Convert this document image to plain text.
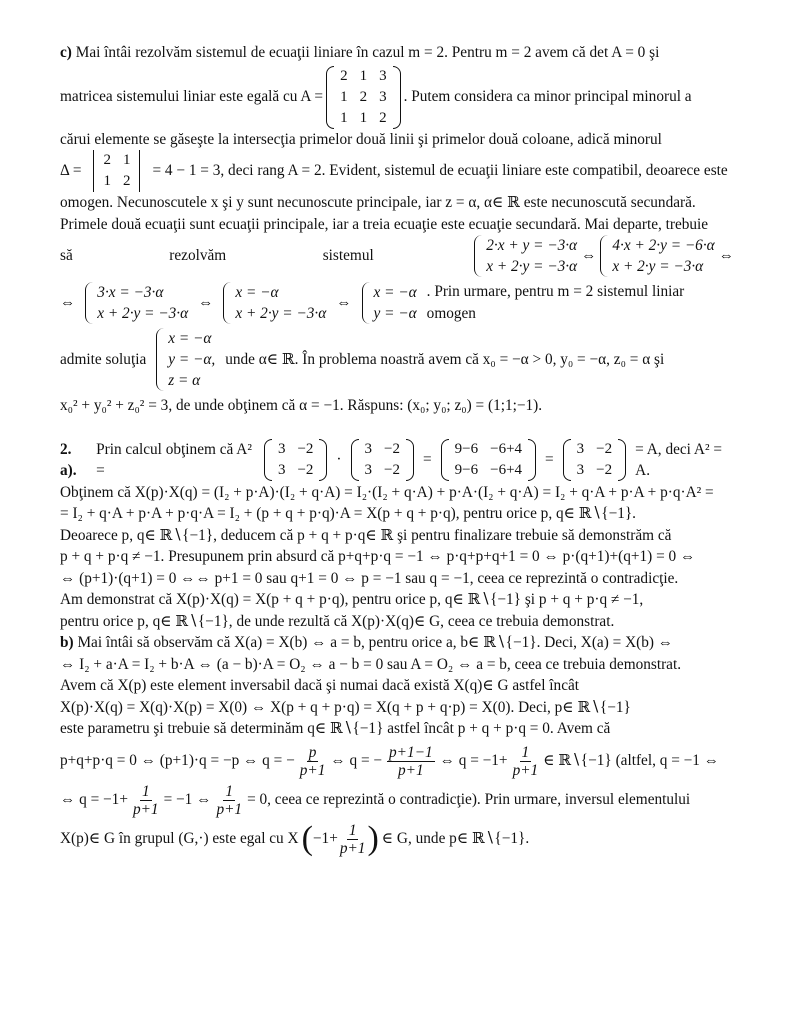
c) Mai întâi rezolvăm sistemul de ecuaţii liniare în cazul m = 2. Pentru m = 2 avem că det A = 0 şi

matricea sistemului liniar este egală cu A =
2	1	3
1	2	3
1	1	2
. Putem considera ca minor principal minorul a

cărui elemente se găseşte la intersecţia primelor două linii şi primelor două coloane, adică minorul

Δ =
2	1
1	2
= 4 − 1 = 3, deci rang A = 2. Evident, sistemul de ecuaţii liniare este compatibil, deoarece este

omogen. Necunoscutele x şi y sunt necunoscute principale, iar z = α, α∈ ℝ este necunoscută secundară.

Primele două ecuaţii sunt ecuaţii principale, iar a treia ecuaţie este ecuaţie secundară. Mai departe, trebuie

să	rezolvăm	sistemul
2·x + y = −3·α
x + 2·y = −3·α
⇔
4·x + 2·y = −6·α
x + 2·y = −3·α
⇔
⇔
3·x = −3·α
x + 2·y = −3·α
⇔
x = −α
x + 2·y = −3·α
⇔
x = −α
y = −α
. Prin urmare, pentru m = 2 sistemul liniar omogen
admite soluţia
x = −α
y = −α,
z = α
unde α∈ ℝ. În problema noastră avem că x₀ = −α > 0, y₀ = −α, z₀ = α şi

x₀² + y₀² + z₀² = 3, de unde obţinem că α = −1. Răspuns: (x₀; y₀; z₀) = (1;1;−1).

2. a).
Prin calcul obţinem că A² =
3	−2
3	−2
·
3	−2
3	−2
=
9−6	−6+4
9−6	−6+4
=
3	−2
3	−2
= A, deci A² = A.

Obţinem că X(p)·X(q) = (I₂ + p·A)·(I₂ + q·A) = I₂·(I₂ + q·A) + p·A·(I₂ + q·A) = I₂ + q·A + p·A + p·q·A² =

= I₂ + q·A + p·A + p·q·A = I₂ + (p + q + p·q)·A = X(p + q + p·q), pentru orice p, q∈ ℝ∖{−1}.

Deoarece p, q∈ ℝ∖{−1}, deducem că p + q + p·q∈ ℝ şi pentru finalizare trebuie să demonstrăm că

p + q + p·q ≠ −1. Presupunem prin absurd că p+q+p·q = −1 ⇔ p·q+p+q+1 = 0 ⇔ p·(q+1)+(q+1) = 0 ⇔

⇔ (p+1)·(q+1) = 0 ⇔⇔ p+1 = 0 sau q+1 = 0 ⇔ p = −1 sau q = −1, ceea ce reprezintă o contradicţie.

Am demonstrat că X(p)·X(q) = X(p + q + p·q), pentru orice p, q∈ ℝ∖{−1} şi p + q + p·q ≠ −1,

pentru orice p, q∈ ℝ∖{−1}, de unde rezultă că X(p)·X(q)∈ G, ceea ce trebuia demonstrat.

b) Mai întâi să observăm că X(a) = X(b) ⇔ a = b, pentru orice a, b∈ ℝ∖{−1}. Deci, X(a) = X(b) ⇔

⇔ I₂ + a·A = I₂ + b·A ⇔ (a − b)·A = O₂ ⇔ a − b = 0 sau A = O₂ ⇔ a = b, ceea ce trebuia demonstrat.

Avem că X(p) este element inversabil dacă şi numai dacă există X(q)∈ G astfel încât

X(p)·X(q) = X(q)·X(p) = X(0) ⇔ X(p + q + p·q) = X(q + p + q·p) = X(0). Deci, p∈ ℝ∖{−1}

este parametru şi trebuie să determinăm q∈ ℝ∖{−1} astfel încât p + q + p·q = 0. Avem că

p+q+p·q = 0 ⇔ (p+1)·q = −p ⇔ q = − $\frac{p}{p+1}$ ⇔ q = − $\frac{p+1-1}{p+1}$ ⇔ $q = -1+ \frac{1}{p+1}$ ∈ ℝ∖{−1} (altfel, q = −1 ⇔
⇔ $q = -1+ \frac{1}{p+1} = -1$ ⇔ $\frac{1}{p+1} = 0$, ceea ce reprezintă o contradicţie). Prin urmare, inversul elementului
X(p)∈ G în grupul (G,·) este egal cu X ( $-1+ \frac{1}{p+1}$ ) ∈ G, unde p∈ ℝ∖{−1}.
